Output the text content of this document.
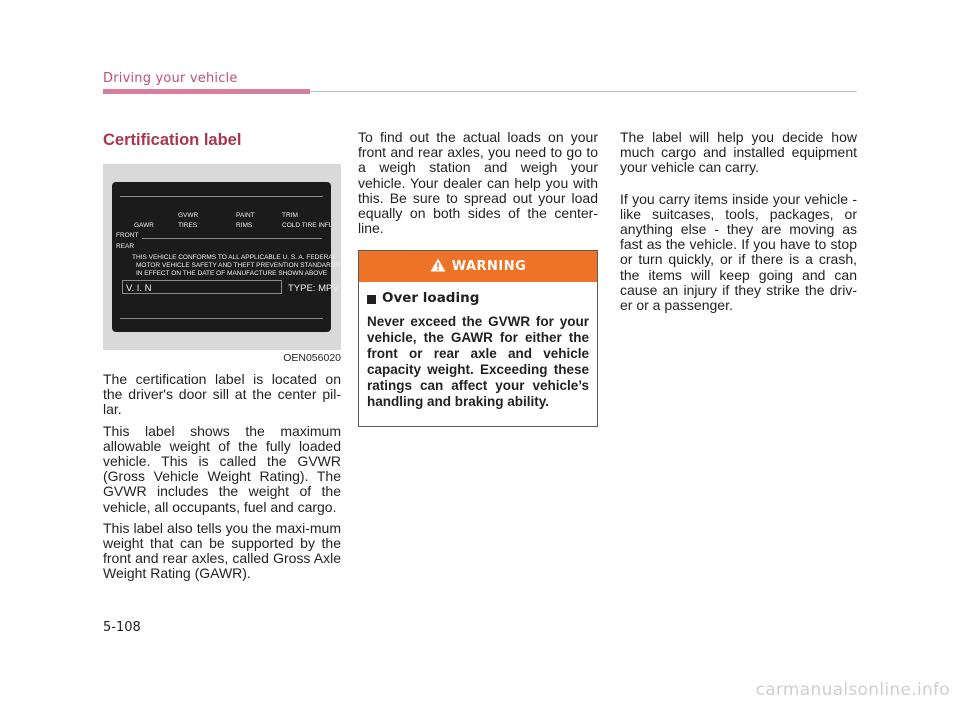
Driving your vehicle
Certification label
GVWR	PAINT	TRIM
GAWR	TIRES	RIMS	COLD TIRE INFL
FRONT
REAR
THIS VEHICLE CONFORMS TO ALL APPLICABLE U. S. A. FEDERAL
MOTOR VEHICLE SAFETY AND THEFT PREVENTION STANDARDS
IN EFFECT ON THE DATE OF MANUFACTURE SHOWN ABOVE
V. I. N	TYPE: MPV
OEN056020

The certification label is located on the driver's door sill at the center pil-lar.

This label shows the maximum allowable weight of the fully loaded vehicle. This is called the GVWR (Gross Vehicle Weight Rating). The GVWR includes the weight of the vehicle, all occupants, fuel and cargo.

This label also tells you the maxi-mum weight that can be supported by the front and rear axles, called Gross Axle Weight Rating (GAWR).

To find out the actual loads on your front and rear axles, you need to go to a weigh station and weigh your vehicle. Your dealer can help you with this. Be sure to spread out your load equally on both sides of the center-line.

WARNING
Over loading

Never exceed the GVWR for your vehicle, the GAWR for either the front or rear axle and vehicle capacity weight. Exceeding these ratings can affect your vehicle’s handling and braking ability.

The label will help you decide how much cargo and installed equipment your vehicle can carry.

If you carry items inside your vehicle - like suitcases, tools, packages, or anything else - they are moving as fast as the vehicle. If you have to stop or turn quickly, or if there is a crash, the items will keep going and can cause an injury if they strike the driv-er or a passenger.

5-108
carmanualsonline.info
